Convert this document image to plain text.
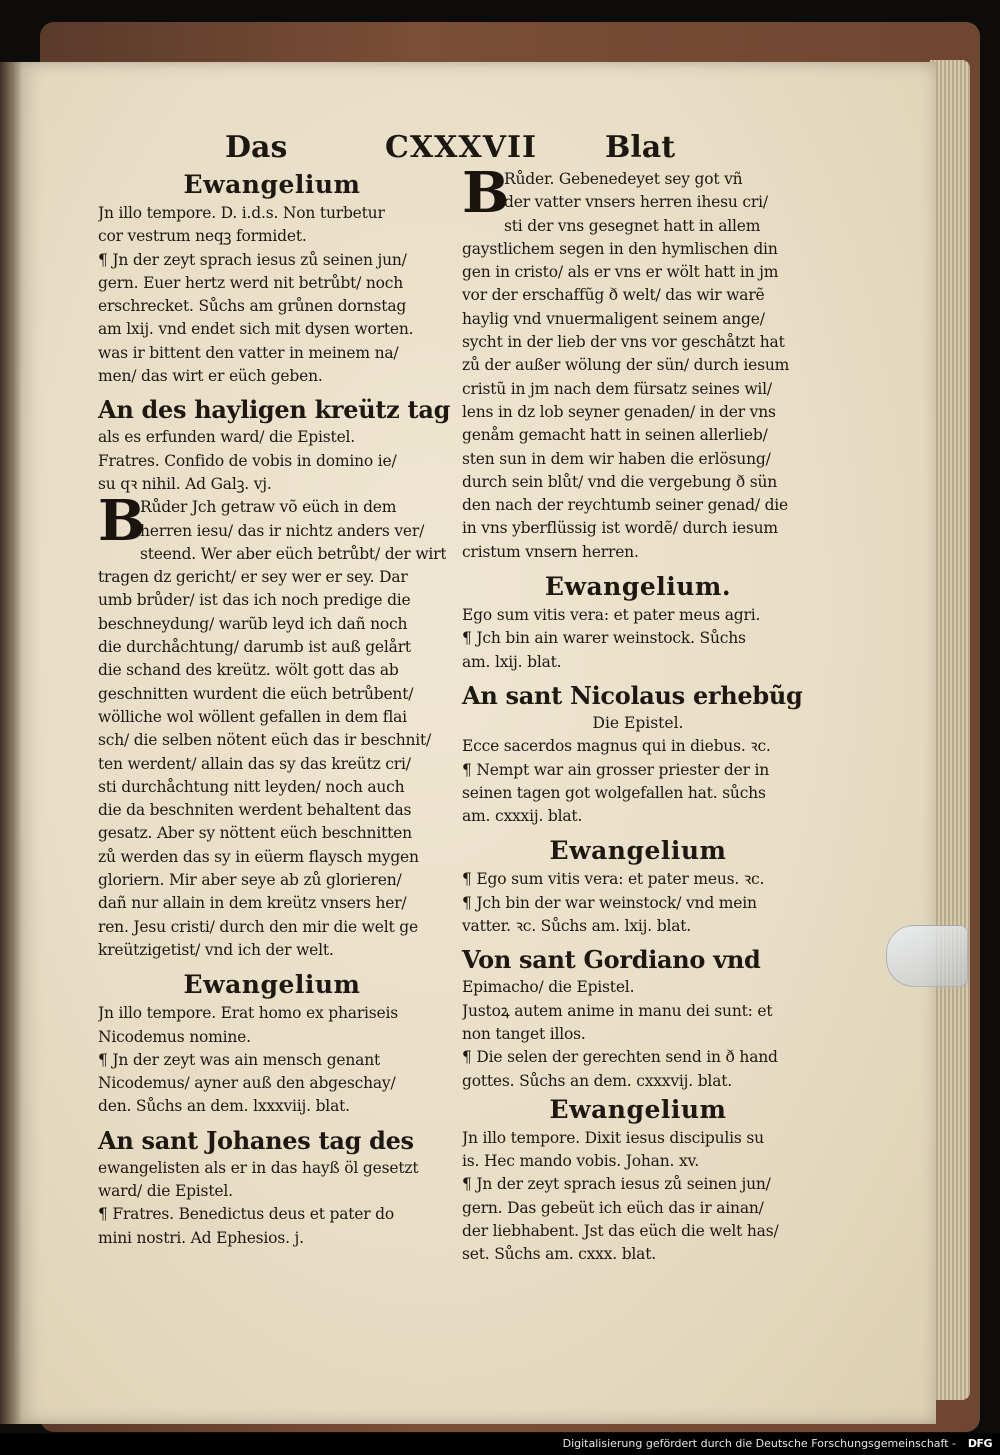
Das	CXXXVII Blat
Ewangelium
Jn illo tempore. D. i.d.s. Non turbetur
cor vestrum neqꝫ formidet.
¶ Jn der zeyt sprach iesus zů seinen jun/
gern. Euer hertz werd nit betrůbt/ noch
erschrecket. Sůchs am grůnen dornstag
am lxij. vnd endet sich mit dysen worten.
was ir bittent den vatter in meinem na/
men/ das wirt er eüch geben.
An des hayligen kreütz tag
als es erfunden ward/ die Epistel.
Fratres. Confido de vobis in domino ie/
su qꝛ nihil. Ad Galꝫ. vj.
B
Růder Jch getraw võ eüch in dem
herren iesu/ das ir nichtz anders ver/
steend. Wer aber eüch betrůbt/ der wirt
tragen dz gericht/ er sey wer er sey. Dar
umb brůder/ ist das ich noch predige die
beschneydung/ warũb leyd ich dañ noch
die durchåchtung/ darumb ist auß gelårt
die schand des kreütz. wölt gott das ab
geschnitten wurdent die eüch betrůbent/
wölliche wol wöllent gefallen in dem flai
sch/ die selben nötent eüch das ir beschnit/
ten werdent/ allain das sy das kreütz cri/
sti durchåchtung nitt leyden/ noch auch
die da beschniten werdent behaltent das
gesatz. Aber sy nöttent eüch beschnitten
zů werden das sy in eüerm flaysch mygen
gloriern. Mir aber seye ab zů glorieren/
dañ nur allain in dem kreütz vnsers her/
ren. Jesu cristi/ durch den mir die welt ge
kreützigetist/ vnd ich der welt.
Ewangelium
Jn illo tempore. Erat homo ex phariseis
Nicodemus nomine.
¶ Jn der zeyt was ain mensch genant
Nicodemus/ ayner auß den abgeschay/
den. Sůchs an dem. lxxxviij. blat.
An sant Johanes tag des
ewangelisten als er in das hayß öl gesetzt
ward/ die Epistel.
¶ Fratres. Benedictus deus et pater do
mini nostri. Ad Ephesios. j.
B
Růder. Gebenedeyet sey got vñ
der vatter vnsers herren ihesu cri/
sti der vns gesegnet hatt in allem
gaystlichem segen in den hymlischen din
gen in cristo/ als er vns er wölt hatt in jm
vor der erschaffũg ð welt/ das wir warẽ
haylig vnd vnuermaligent seinem ange/
sycht in der lieb der vns vor geschåtzt hat
zů der außer wölung der sün/ durch iesum
cristũ in jm nach dem fürsatz seines wil/
lens in dz lob seyner genaden/ in der vns
genåm gemacht hatt in seinen allerlieb/
sten sun in dem wir haben die erlösung/
durch sein blůt/ vnd die vergebung ð sün
den nach der reychtumb seiner genad/ die
in vns yberflüssig ist wordẽ/ durch iesum
cristum vnsern herren.
Ewangelium.
Ego sum vitis vera: et pater meus agri.
¶ Jch bin ain warer weinstock. Sůchs
am. lxij. blat.
An sant Nicolaus erhebũg
Die Epistel.
Ecce sacerdos magnus qui in diebus. ꝛc.
¶ Nempt war ain grosser priester der in
seinen tagen got wolgefallen hat. sůchs
am. cxxxij. blat.
Ewangelium
¶ Ego sum vitis vera: et pater meus. ꝛc.
¶ Jch bin der war weinstock/ vnd mein
vatter. ꝛc. Sůchs am. lxij. blat.
Von sant Gordiano vnd
Epimacho/ die Epistel.
Justoꝝ autem anime in manu dei sunt: et
non tanget illos.
¶ Die selen der gerechten send in ð hand
gottes. Sůchs an dem. cxxxvij. blat.
Ewangelium
Jn illo tempore. Dixit iesus discipulis su
is. Hec mando vobis. Johan. xv.
¶ Jn der zeyt sprach iesus zů seinen jun/
gern. Das gebeüt ich eüch das ir ainan/
der liebhabent. Jst das eüch die welt has/
set. Sůchs am. cxxx. blat.
Digitalisierung gefördert durch die Deutsche Forschungsgemeinschaft - DFG
